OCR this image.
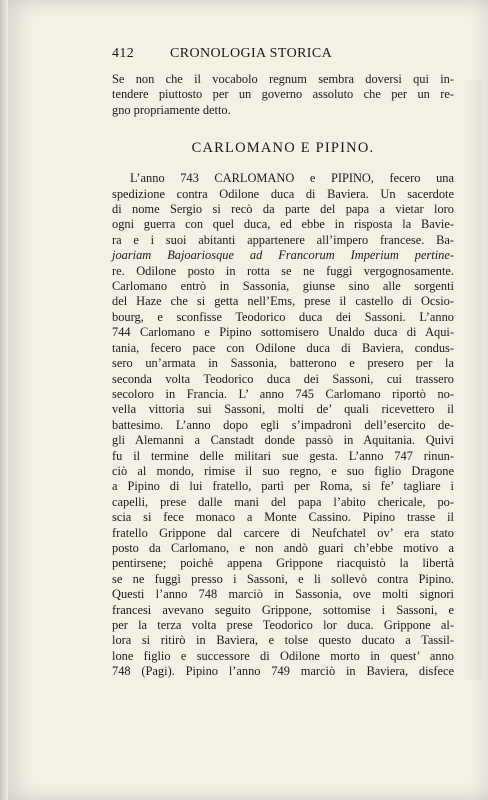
412	CRONOLOGIA STORICA

Se non che il vocabolo regnum sembra doversi qui in-
tendere piuttosto per un governo assoluto che per un re-
gno propriamente detto.

CARLOMANO E PIPINO.

L’anno 743 CARLOMANO e PIPINO, fecero una
spedizione contra Odilone duca di Baviera. Un sacerdote
di nome Sergio si recò da parte del papa a vietar loro
ogni guerra con quel duca, ed ebbe in risposta la Bavie-
ra e i suoi abitanti appartenere all’impero francese. Ba-
joariam Bajoariosque ad Francorum Imperium pertine-
re. Odilone posto in rotta se ne fuggì vergognosamente.
Carlomano entrò in Sassonia, giunse sino alle sorgenti
del Haze che si getta nell’Ems, prese il castello di Ocsio-
bourg, e sconfisse Teodorico duca dei Sassoni. L’anno
744 Carlomano e Pipino sottomisero Unaldo duca di Aqui-
tania, fecero pace con Odilone duca di Baviera, condus-
sero un’armata in Sassonia, batterono e presero per la
seconda volta Teodorico duca dei Sassoni, cui trassero
secoloro in Francia. L’ anno 745 Carlomano riportò no-
vella vittoria sui Sassoni, molti de’ quali ricevettero il
battesimo. L’anno dopo egli s’impadronì dell’esercito de-
gli Alemanni a Canstadt donde passò in Aquitania. Quivi
fu il termine delle militari sue gesta. L’anno 747 rinun-
ciò al mondo, rimise il suo regno, e suo figlio Dragone
a Pipino di lui fratello, partì per Roma, si fe’ tagliare i
capelli, prese dalle mani del papa l’abito chericale, po-
scia si fece monaco a Monte Cassino. Pipino trasse il
fratello Grippone dal carcere di Neufchatel ov’ era stato
posto da Carlomano, e non andò guari ch’ebbe motivo a
pentirsene; poichè appena Grippone riacquistò la libertà
se ne fuggì presso i Sassoni, e li sollevò contra Pipino.
Questi l’anno 748 marciò in Sassonia, ove molti signori
francesi avevano seguito Grippone, sottomise i Sassoni, e
per la terza volta prese Teodorico lor duca. Grippone al-
lora si ritirò in Baviera, e tolse questo ducato a Tassil-
lone figlio e successore di Odilone morto in quest’ anno
748 (Pagi). Pipino l’anno 749 marciò in Baviera, disfece
